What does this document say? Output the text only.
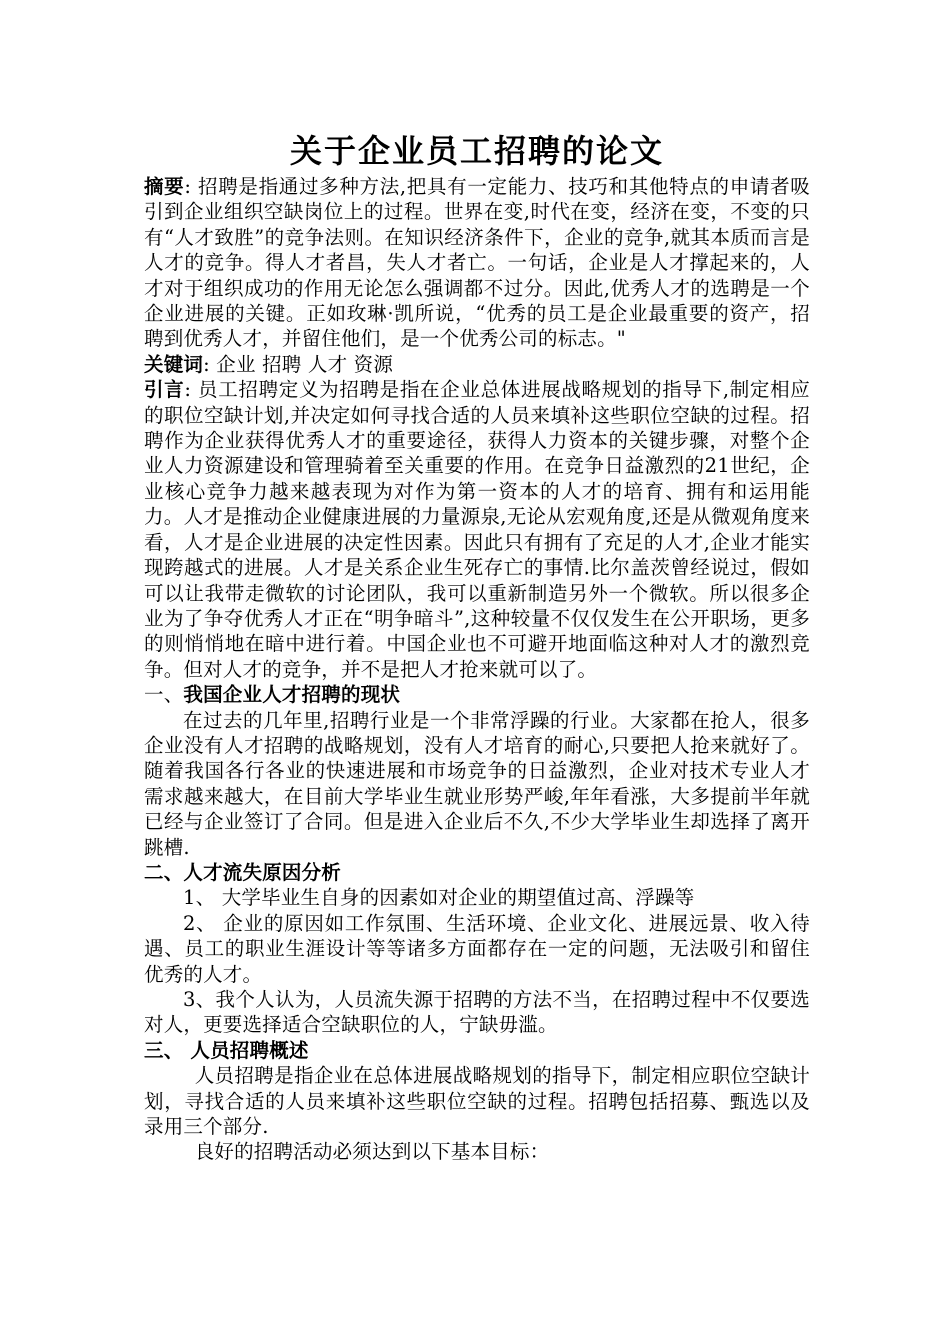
关于企业员工招聘的论文

摘要: 招聘是指通过多种方法,把具有一定能力、技巧和其他特点的申请者吸引到企业组织空缺岗位上的过程。世界在变,时代在变，经济在变，不变的只有“人才致胜”的竞争法则。在知识经济条件下，企业的竞争,就其本质而言是人才的竞争。得人才者昌，失人才者亡。一句话，企业是人才撑起来的，人才对于组织成功的作用无论怎么强调都不过分。因此,优秀人才的选聘是一个企业进展的关键。正如玫琳·凯所说，“优秀的员工是企业最重要的资产，招聘到优秀人才，并留住他们，是一个优秀公司的标志。"

关键词: 企业 招聘 人才 资源

引言: 员工招聘定义为招聘是指在企业总体进展战略规划的指导下,制定相应的职位空缺计划,并决定如何寻找合适的人员来填补这些职位空缺的过程。招聘作为企业获得优秀人才的重要途径，获得人力资本的关键步骤，对整个企业人力资源建设和管理骑着至关重要的作用。在竞争日益激烈的21世纪，企业核心竞争力越来越表现为对作为第一资本的人才的培育、拥有和运用能力。人才是推动企业健康进展的力量源泉,无论从宏观角度,还是从微观角度来看，人才是企业进展的决定性因素。因此只有拥有了充足的人才,企业才能实现跨越式的进展。人才是关系企业生死存亡的事情.比尔盖茨曾经说过，假如可以让我带走微软的讨论团队，我可以重新制造另外一个微软。所以很多企业为了争夺优秀人才正在“明争暗斗”,这种较量不仅仅发生在公开职场，更多的则悄悄地在暗中进行着。中国企业也不可避开地面临这种对人才的激烈竞争。但对人才的竞争，并不是把人才抢来就可以了。

一、我国企业人才招聘的现状

在过去的几年里,招聘行业是一个非常浮躁的行业。大家都在抢人，很多企业没有人才招聘的战略规划，没有人才培育的耐心,只要把人抢来就好了。随着我国各行各业的快速进展和市场竞争的日益激烈，企业对技术专业人才需求越来越大，在目前大学毕业生就业形势严峻,年年看涨，大多提前半年就已经与企业签订了合同。但是进入企业后不久,不少大学毕业生却选择了离开跳槽.

二、人才流失原因分析

1、 大学毕业生自身的因素如对企业的期望值过高、浮躁等

2、 企业的原因如工作氛围、生活环境、企业文化、进展远景、收入待遇、员工的职业生涯设计等等诸多方面都存在一定的问题，无法吸引和留住优秀的人才。

3、我个人认为，人员流失源于招聘的方法不当，在招聘过程中不仅要选对人，更要选择适合空缺职位的人，宁缺毋滥。

三、 人员招聘概述

人员招聘是指企业在总体进展战略规划的指导下，制定相应职位空缺计划，寻找合适的人员来填补这些职位空缺的过程。招聘包括招募、甄选以及录用三个部分.

良好的招聘活动必须达到以下基本目标：
